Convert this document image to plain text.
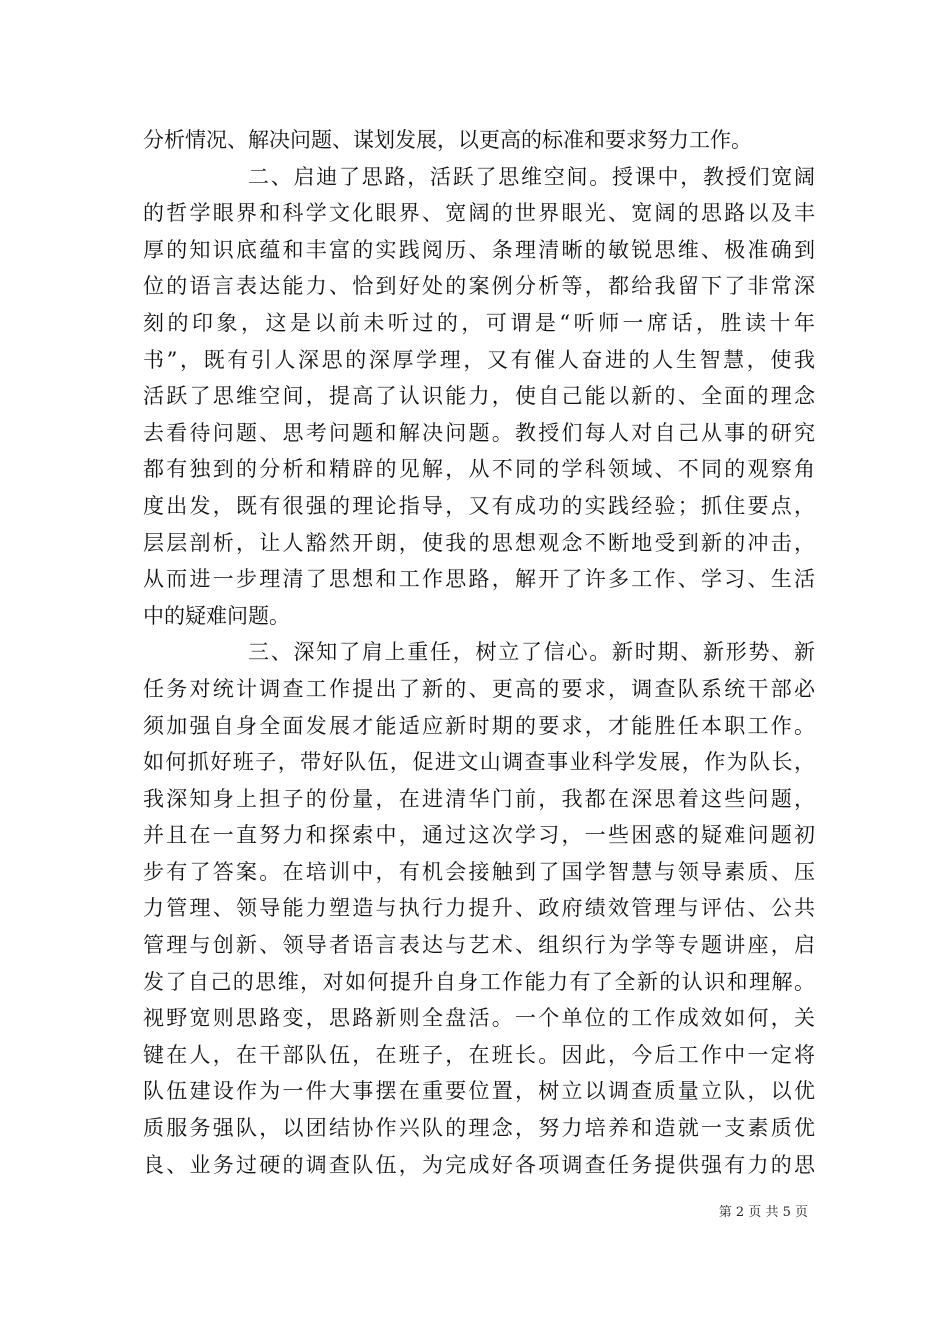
分析情况、解决问题、谋划发展，以更高的标准和要求努力工作。
二、启迪了思路，活跃了思维空间。授课中，教授们宽阔
的哲学眼界和科学文化眼界、宽阔的世界眼光、宽阔的思路以及丰
厚的知识底蕴和丰富的实践阅历、条理清晰的敏锐思维、极准确到
位的语言表达能力、恰到好处的案例分析等，都给我留下了非常深
刻的印象，这是以前未听过的，可谓是“听师一席话，胜读十年
书”，既有引人深思的深厚学理，又有催人奋进的人生智慧，使我
活跃了思维空间，提高了认识能力，使自己能以新的、全面的理念
去看待问题、思考问题和解决问题。教授们每人对自己从事的研究
都有独到的分析和精辟的见解，从不同的学科领域、不同的观察角
度出发，既有很强的理论指导，又有成功的实践经验；抓住要点，
层层剖析，让人豁然开朗，使我的思想观念不断地受到新的冲击，
从而进一步理清了思想和工作思路，解开了许多工作、学习、生活
中的疑难问题。
三、深知了肩上重任，树立了信心。新时期、新形势、新
任务对统计调查工作提出了新的、更高的要求，调查队系统干部必
须加强自身全面发展才能适应新时期的要求，才能胜任本职工作。
如何抓好班子，带好队伍，促进文山调查事业科学发展，作为队长，
我深知身上担子的份量，在进清华门前，我都在深思着这些问题，
并且在一直努力和探索中，通过这次学习，一些困惑的疑难问题初
步有了答案。在培训中，有机会接触到了国学智慧与领导素质、压
力管理、领导能力塑造与执行力提升、政府绩效管理与评估、公共
管理与创新、领导者语言表达与艺术、组织行为学等专题讲座，启
发了自己的思维，对如何提升自身工作能力有了全新的认识和理解。
视野宽则思路变，思路新则全盘活。一个单位的工作成效如何，关
键在人，在干部队伍，在班子，在班长。因此，今后工作中一定将
队伍建设作为一件大事摆在重要位置，树立以调查质量立队，以优
质服务强队，以团结协作兴队的理念，努力培养和造就一支素质优
良、业务过硬的调查队伍，为完成好各项调查任务提供强有力的思
第 2 页 共 5 页
